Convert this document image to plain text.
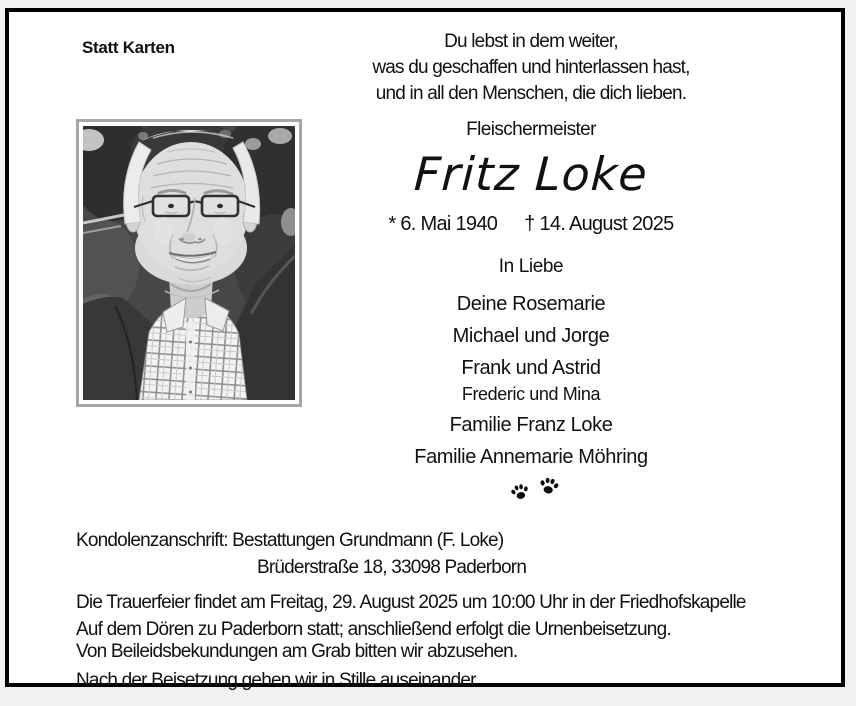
Statt Karten	Du lebst in dem weiter,
was du geschaffen und hinterlassen hast,
und in all den Menschen, die dich lieben.
Fleischermeister
Fritz Loke
* 6. Mai 1940 † 14. August 2025
In Liebe
Deine Rosemarie
Michael und Jorge
Frank und Astrid
Frederic und Mina
Familie Franz Loke
Familie Annemarie Möhring
Kondolenzanschrift: Bestattungen Grundmann (F. Loke)
Brüderstraße 18, 33098 Paderborn
Die Trauerfeier findet am Freitag, 29. August 2025 um 10:00 Uhr in der Friedhofskapelle
Auf dem Dören zu Paderborn statt; anschließend erfolgt die Urnenbeisetzung.
Von Beileidsbekundungen am Grab bitten wir abzusehen.
Nach der Beisetzung gehen wir in Stille auseinander.
